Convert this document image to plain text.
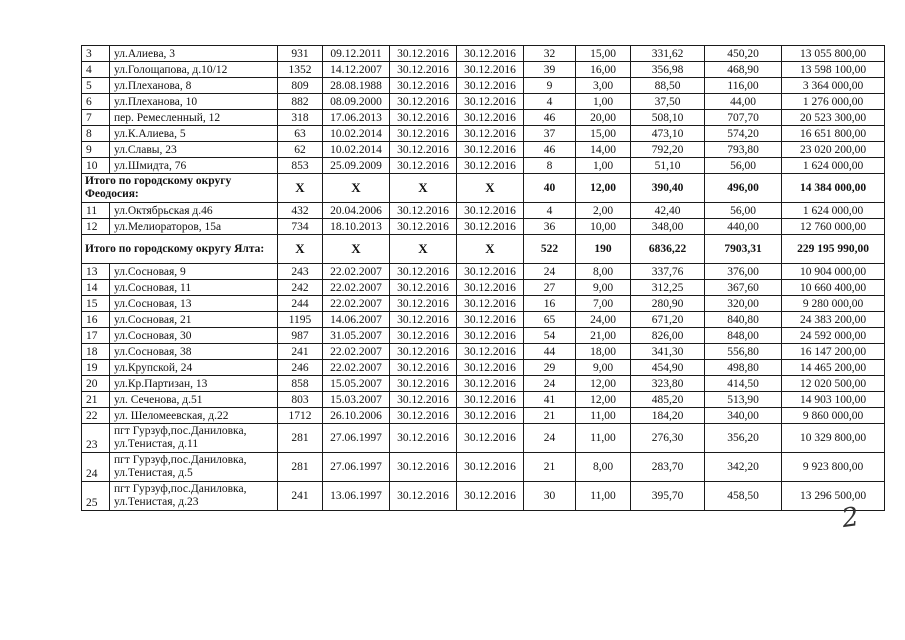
3	ул.Алиева, 3	931	09.12.2011	30.12.2016	30.12.2016	32	15,00	331,62	450,20	13 055 800,00
4	ул.Голощапова, д.10/12	1352	14.12.2007	30.12.2016	30.12.2016	39	16,00	356,98	468,90	13 598 100,00
5	ул.Плеханова, 8	809	28.08.1988	30.12.2016	30.12.2016	9	3,00	88,50	116,00	3 364 000,00
6	ул.Плеханова, 10	882	08.09.2000	30.12.2016	30.12.2016	4	1,00	37,50	44,00	1 276 000,00
7	пер. Ремесленный, 12	318	17.06.2013	30.12.2016	30.12.2016	46	20,00	508,10	707,70	20 523 300,00
8	ул.К.Алиева, 5	63	10.02.2014	30.12.2016	30.12.2016	37	15,00	473,10	574,20	16 651 800,00
9	ул.Славы, 23	62	10.02.2014	30.12.2016	30.12.2016	46	14,00	792,20	793,80	23 020 200,00
10	ул.Шмидта, 76	853	25.09.2009	30.12.2016	30.12.2016	8	1,00	51,10	56,00	1 624 000,00
Итого по городскому округу Феодосия:		X	X	X	X	40	12,00	390,40	496,00	14 384 000,00
11	ул.Октябрьская д.46	432	20.04.2006	30.12.2016	30.12.2016	4	2,00	42,40	56,00	1 624 000,00
12	ул.Мелиораторов, 15а	734	18.10.2013	30.12.2016	30.12.2016	36	10,00	348,00	440,00	12 760 000,00
Итого по городскому округу Ялта:		X	X	X	X	522	190	6836,22	7903,31	229 195 990,00
13	ул.Сосновая, 9	243	22.02.2007	30.12.2016	30.12.2016	24	8,00	337,76	376,00	10 904 000,00
14	ул.Сосновая, 11	242	22.02.2007	30.12.2016	30.12.2016	27	9,00	312,25	367,60	10 660 400,00
15	ул.Сосновая, 13	244	22.02.2007	30.12.2016	30.12.2016	16	7,00	280,90	320,00	9 280 000,00
16	ул.Сосновая, 21	1195	14.06.2007	30.12.2016	30.12.2016	65	24,00	671,20	840,80	24 383 200,00
17	ул.Сосновая, 30	987	31.05.2007	30.12.2016	30.12.2016	54	21,00	826,00	848,00	24 592 000,00
18	ул.Сосновая, 38	241	22.02.2007	30.12.2016	30.12.2016	44	18,00	341,30	556,80	16 147 200,00
19	ул.Крупской, 24	246	22.02.2007	30.12.2016	30.12.2016	29	9,00	454,90	498,80	14 465 200,00
20	ул.Кр.Партизан, 13	858	15.05.2007	30.12.2016	30.12.2016	24	12,00	323,80	414,50	12 020 500,00
21	ул. Сеченова, д.51	803	15.03.2007	30.12.2016	30.12.2016	41	12,00	485,20	513,90	14 903 100,00
22	ул. Шеломеевская, д.22	1712	26.10.2006	30.12.2016	30.12.2016	21	11,00	184,20	340,00	9 860 000,00
23	пгт Гурзуф,пос.Даниловка, ул.Тенистая, д.11	281	27.06.1997	30.12.2016	30.12.2016	24	11,00	276,30	356,20	10 329 800,00
24	пгт Гурзуф,пос.Даниловка, ул.Тенистая, д.5	281	27.06.1997	30.12.2016	30.12.2016	21	8,00	283,70	342,20	9 923 800,00
25	пгт Гурзуф,пос.Даниловка, ул.Тенистая, д.23	241	13.06.1997	30.12.2016	30.12.2016	30	11,00	395,70	458,50	13 296 500,00
2
